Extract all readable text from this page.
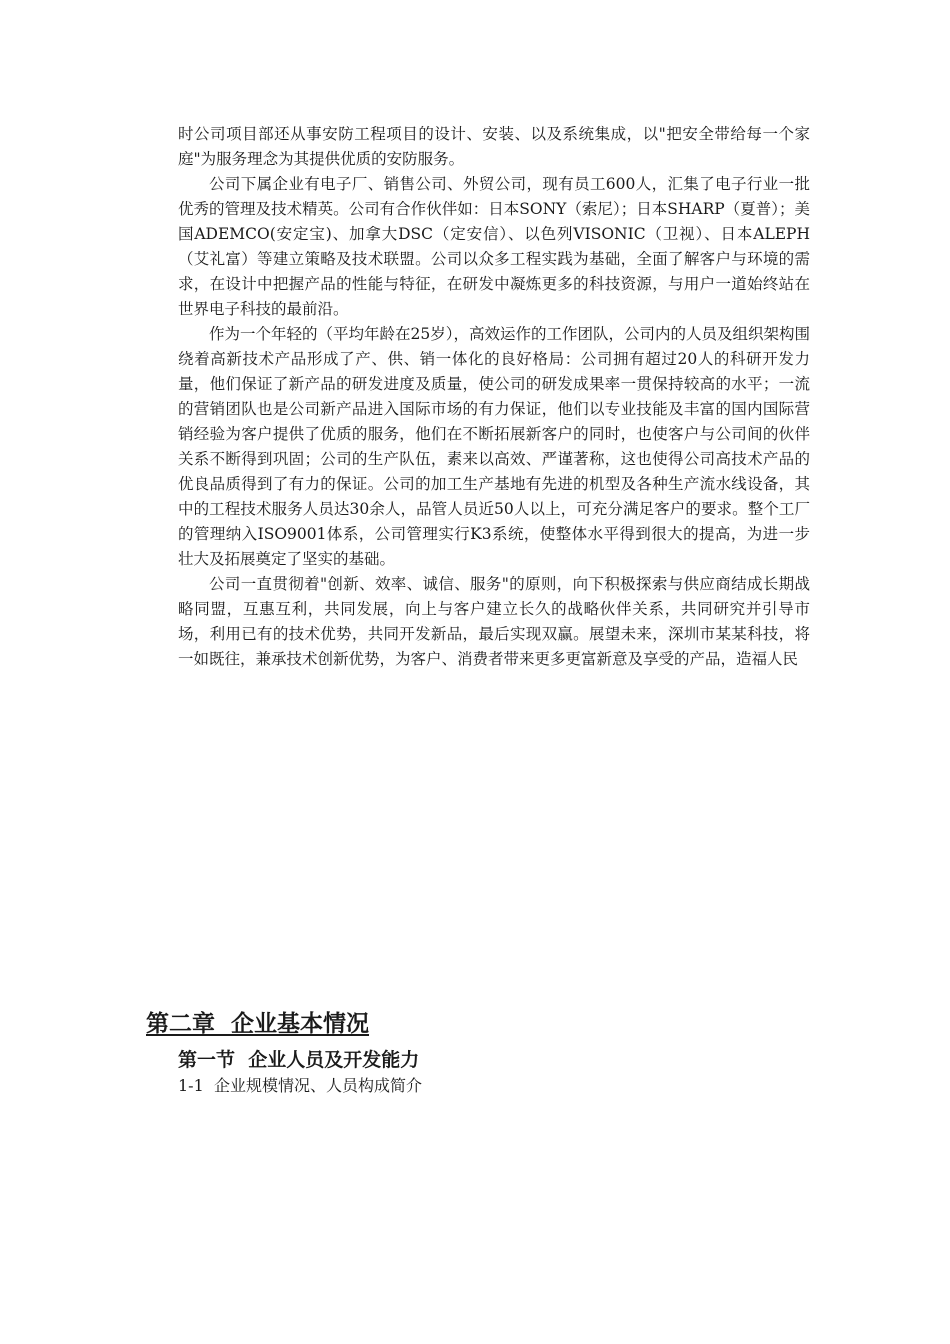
时公司项目部还从事安防工程项目的设计、安装、以及系统集成，以"把安全带给每一个家庭"为服务理念为其提供优质的安防服务。

公司下属企业有电子厂、销售公司、外贸公司，现有员工600人，汇集了电子行业一批优秀的管理及技术精英。公司有合作伙伴如：日本SONY（索尼）；日本SHARP（夏普）；美国ADEMCO(安定宝)、加拿大DSC（定安信）、以色列VISONIC（卫视）、日本ALEPH（艾礼富）等建立策略及技术联盟。公司以众多工程实践为基础，全面了解客户与环境的需求，在设计中把握产品的性能与特征，在研发中凝炼更多的科技资源，与用户一道始终站在世界电子科技的最前沿。

作为一个年轻的（平均年龄在25岁），高效运作的工作团队，公司内的人员及组织架构围绕着高新技术产品形成了产、供、销一体化的良好格局：公司拥有超过20人的科研开发力量，他们保证了新产品的研发进度及质量，使公司的研发成果率一贯保持较高的水平；一流的营销团队也是公司新产品进入国际市场的有力保证，他们以专业技能及丰富的国内国际营销经验为客户提供了优质的服务，他们在不断拓展新客户的同时，也使客户与公司间的伙伴关系不断得到巩固；公司的生产队伍，素来以高效、严谨著称，这也使得公司高技术产品的优良品质得到了有力的保证。公司的加工生产基地有先进的机型及各种生产流水线设备，其中的工程技术服务人员达30余人，品管人员近50人以上，可充分满足客户的要求。整个工厂的管理纳入ISO9001体系，公司管理实行K3系统，使整体水平得到很大的提高，为进一步壮大及拓展奠定了坚实的基础。

公司一直贯彻着"创新、效率、诚信、服务"的原则，向下积极探索与供应商结成长期战略同盟，互惠互利，共同发展，向上与客户建立长久的战略伙伴关系，共同研究并引导市场，利用已有的技术优势，共同开发新品，最后实现双赢。展望未来，深圳市某某科技，将一如既往，兼承技术创新优势，为客户、消费者带来更多更富新意及享受的产品，造福人民

第二章  企业基本情况
第一节  企业人员及开发能力
1-1  企业规模情况、人员构成简介
